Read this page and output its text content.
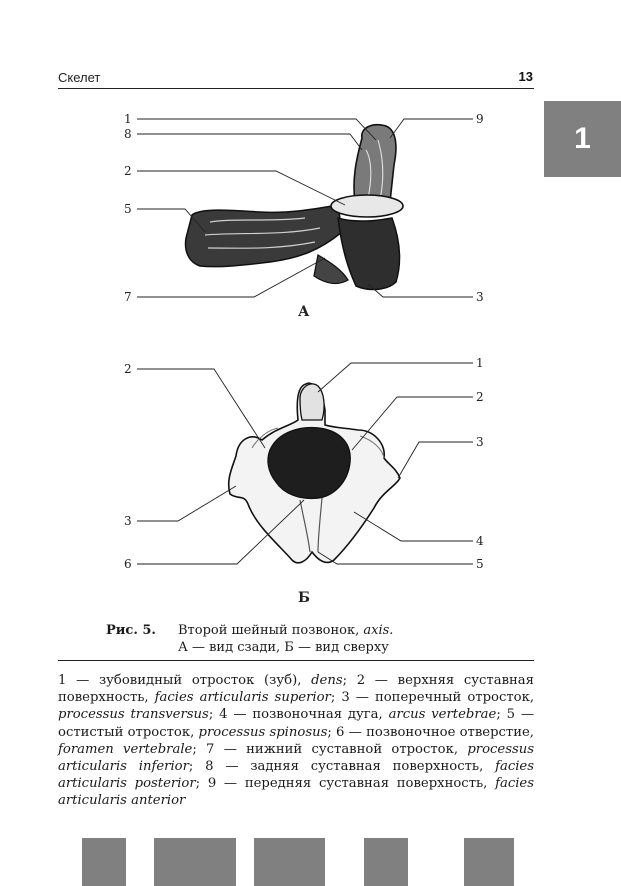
Скелет	13
1
1
8
2
5
7
9
3
А
2
3
6
1
2
3
4
5
Б
Рис. 5. Второй шейный позвонок, axis.
А — вид сзади, Б — вид сверху

1 — зубовидный отросток (зуб), dens; 2 — верхняя суставная поверхность, facies articularis superior; 3 — поперечный отросток, processus transversus; 4 — позвоночная дуга, arcus vertebrae; 5 — остистый отросток, processus spinosus; 6 — позвоночное отверстие, foramen vertebrale; 7 — нижний суставной отросток, processus articularis inferior; 8 — задняя суставная поверхность, facies articularis posterior; 9 — передняя суставная поверхность, facies articularis anterior
